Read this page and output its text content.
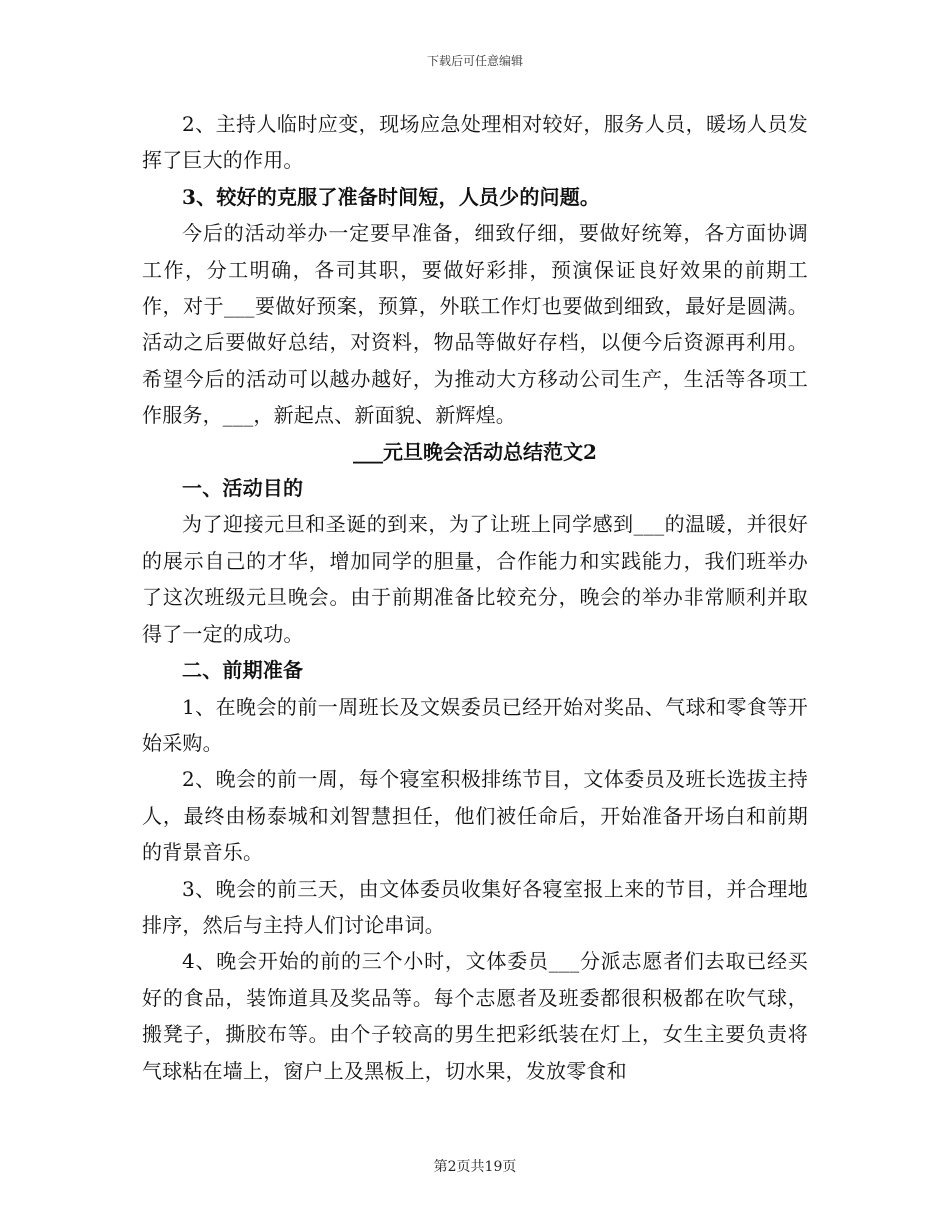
下载后可任意编辑

2、主持人临时应变，现场应急处理相对较好，服务人员，暖场人员发挥了巨大的作用。

3、较好的克服了准备时间短，人员少的问题。

今后的活动举办一定要早准备，细致仔细，要做好统筹，各方面协调工作，分工明确，各司其职，要做好彩排，预演保证良好效果的前期工作，对于___要做好预案，预算，外联工作灯也要做到细致，最好是圆满。活动之后要做好总结，对资料，物品等做好存档，以便今后资源再利用。希望今后的活动可以越办越好，为推动大方移动公司生产，生活等各项工作服务，___，新起点、新面貌、新辉煌。

___元旦晚会活动总结范文2

一、活动目的

为了迎接元旦和圣诞的到来，为了让班上同学感到___的温暖，并很好的展示自己的才华，增加同学的胆量，合作能力和实践能力，我们班举办了这次班级元旦晚会。由于前期准备比较充分，晚会的举办非常顺利并取得了一定的成功。

二、前期准备

1、在晚会的前一周班长及文娱委员已经开始对奖品、气球和零食等开始采购。

2、晚会的前一周，每个寝室积极排练节目，文体委员及班长选拔主持人，最终由杨泰城和刘智慧担任，他们被任命后，开始准备开场白和前期的背景音乐。

3、晚会的前三天，由文体委员收集好各寝室报上来的节目，并合理地排序，然后与主持人们讨论串词。

4、晚会开始的前的三个小时，文体委员___分派志愿者们去取已经买好的食品，装饰道具及奖品等。每个志愿者及班委都很积极都在吹气球，搬凳子，撕胶布等。由个子较高的男生把彩纸装在灯上，女生主要负责将气球粘在墙上，窗户上及黑板上，切水果，发放零食和

第2页共19页
